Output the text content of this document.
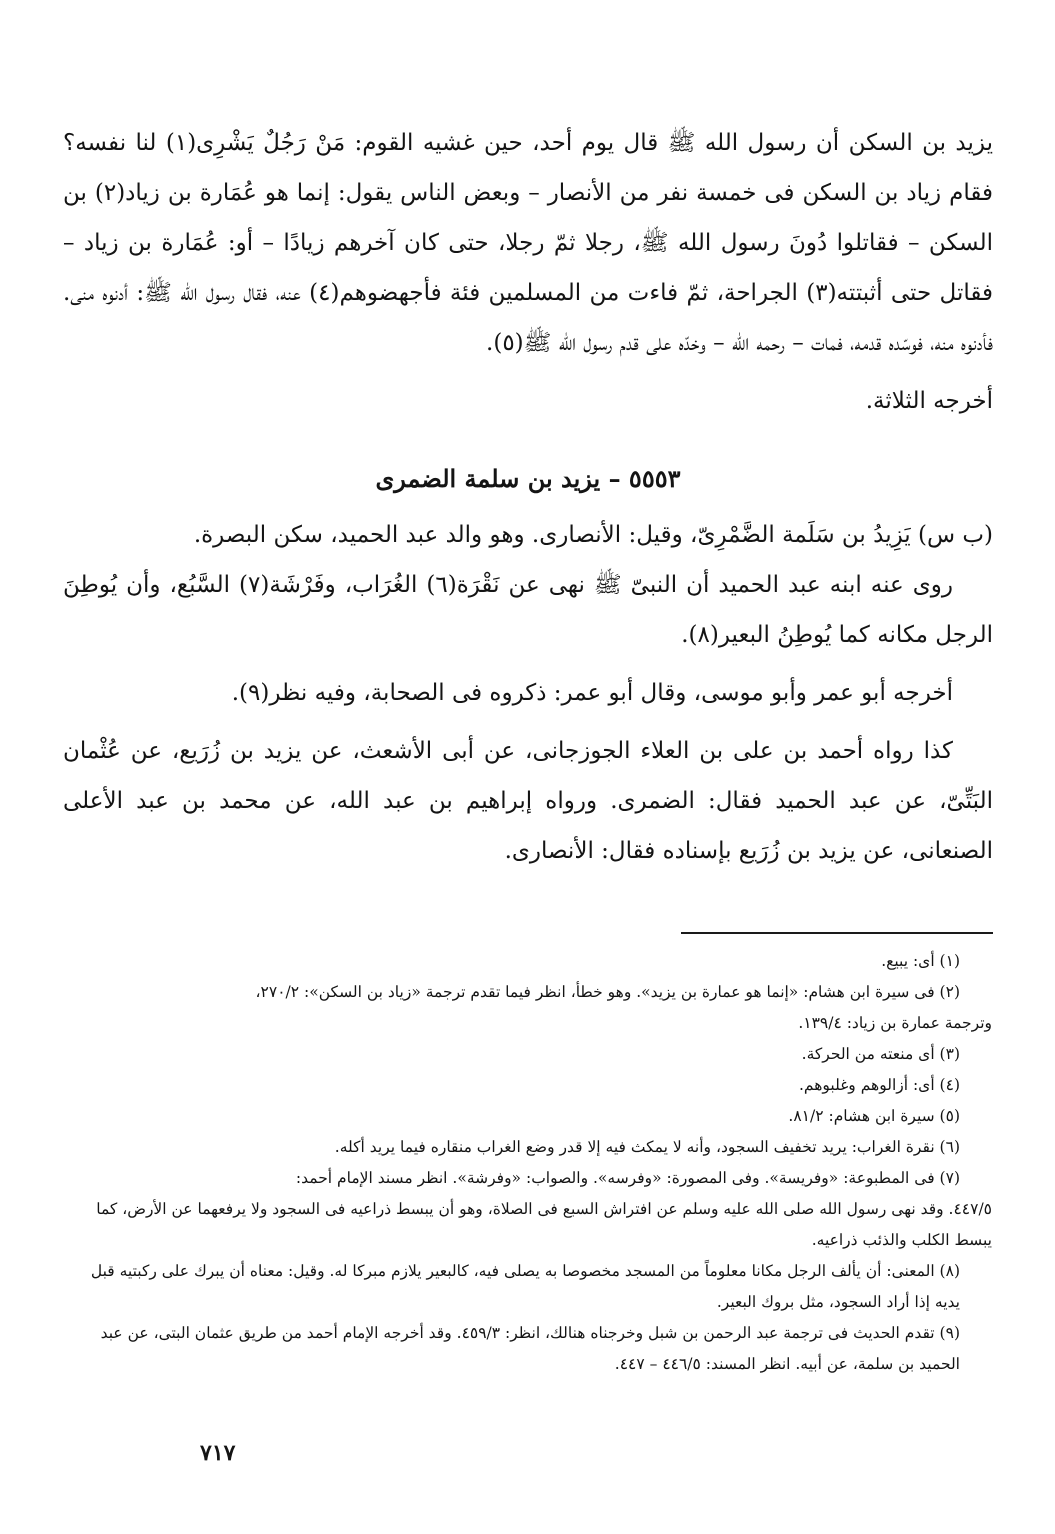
يزيد بن السكن أن رسول الله ﷺ قال يوم أحد، حين غشيه القوم: مَنْ رَجُلٌ يَشْرِى(١) لنا نفسه؟ فقام زياد بن السكن فى خمسة نفر من الأنصار – وبعض الناس يقول: إنما هو عُمَارة بن زياد(٢) بن السكن – فقاتلوا دُونَ رسول الله ﷺ، رجلا ثمّ رجلا، حتى كان آخرهم زيادًا – أو: عُمَارة بن زياد – فقاتل حتى أثبتته(٣) الجراحة، ثمّ فاءت من المسلمين فئة فأجهضوهم(٤) عنه، فقال رسول الله ﷺ: أدنوه منى. فأدنوه منه، فوسّده قدمه، فمات – رحمه الله – وخدّه على قدم رسول الله ﷺ(٥).

أخرجه الثلاثة.

٥٥٥٣ – يزيد بن سلمة الضمرى

(ب س) يَزِيدُ بن سَلَمة الضَّمْرِىّ، وقيل: الأنصارى. وهو والد عبد الحميد، سكن البصرة.

روى عنه ابنه عبد الحميد أن النبىّ ﷺ نهى عن نَقْرَة(٦) الغُرَاب، وفَرْشَة(٧) السَّبُع، وأن يُوطِنَ الرجل مكانه كما يُوطِنُ البعير(٨).

أخرجه أبو عمر وأبو موسى، وقال أبو عمر: ذكروه فى الصحابة، وفيه نظر(٩).

كذا رواه أحمد بن على بن العلاء الجوزجانى، عن أبى الأشعث، عن يزيد بن زُرَيع، عن عُثْمان البَتِّىّ، عن عبد الحميد فقال: الضمرى. ورواه إبراهيم بن عبد الله، عن محمد بن عبد الأعلى الصنعانى، عن يزيد بن زُرَيع بإسناده فقال: الأنصارى.

(١) أى: يبيع.

(٢) فى سيرة ابن هشام: «إنما هو عمارة بن يزيد». وهو خطأ، انظر فيما تقدم ترجمة «زياد بن السكن»: ٢٧٠/٢،

وترجمة عمارة بن زياد: ١٣٩/٤.

(٣) أى منعته من الحركة.

(٤) أى: أزالوهم وغلبوهم.

(٥) سيرة ابن هشام: ٨١/٢.

(٦) نقرة الغراب: يريد تخفيف السجود، وأنه لا يمكث فيه إلا قدر وضع الغراب منقاره فيما يريد أكله.

(٧) فى المطبوعة: «وفريسة». وفى المصورة: «وفرسه». والصواب: «وفرشة». انظر مسند الإمام أحمد:

٤٤٧/٥. وقد نهى رسول الله صلى الله عليه وسلم عن افتراش السبع فى الصلاة، وهو أن يبسط ذراعيه فى السجود ولا يرفعهما عن الأرض، كما يبسط الكلب والذئب ذراعيه.

(٨) المعنى: أن يألف الرجل مكانا معلوماً من المسجد مخصوصا به يصلى فيه، كالبعير يلازم مبركا له. وقيل: معناه أن يبرك على ركبتيه قبل يديه إذا أراد السجود، مثل بروك البعير.

(٩) تقدم الحديث فى ترجمة عبد الرحمن بن شبل وخرجناه هنالك، انظر: ٤٥٩/٣. وقد أخرجه الإمام أحمد من طريق عثمان البتى، عن عبد الحميد بن سلمة، عن أبيه. انظر المسند: ٤٤٦/٥ – ٤٤٧.

٧١٧
